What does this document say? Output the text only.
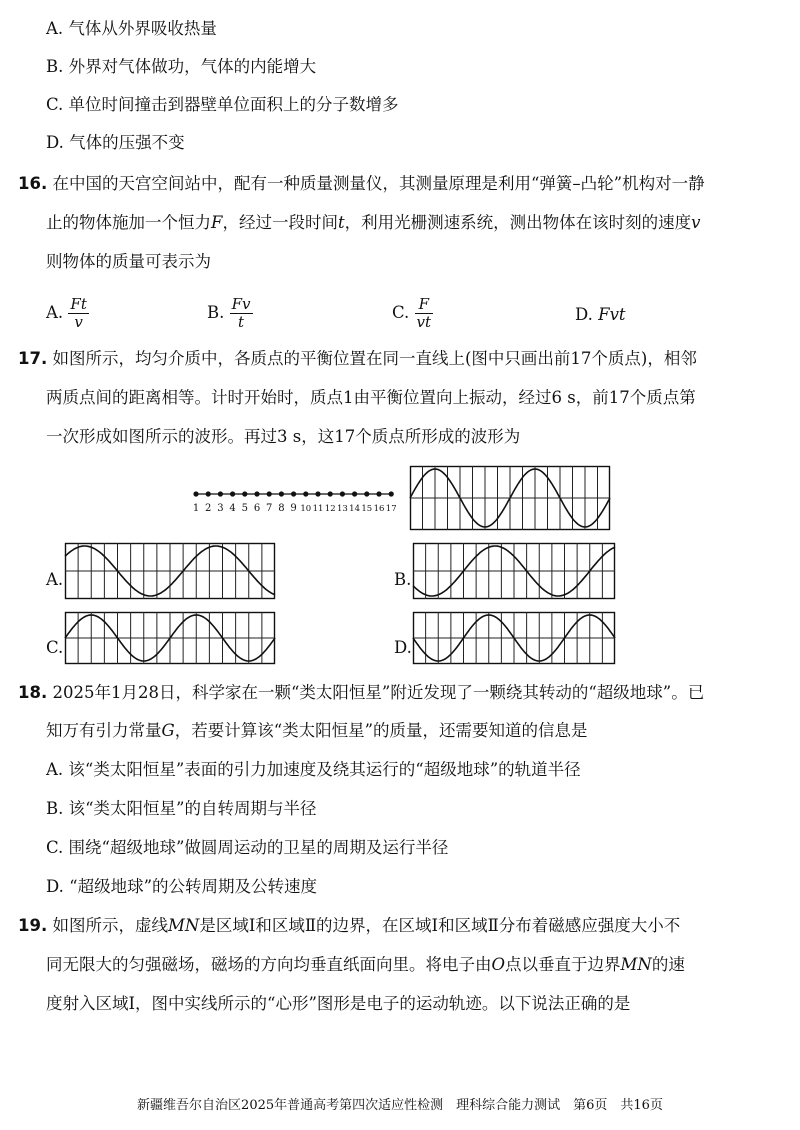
A. 气体从外界吸收热量
B. 外界对气体做功，气体的内能增大
C. 单位时间撞击到器壁单位面积上的分子数增多
D. 气体的压强不变
16. 在中国的天宫空间站中，配有一种质量测量仪，其测量原理是利用“弹簧–凸轮”机构对一静
止的物体施加一个恒力F，经过一段时间t，利用光栅测速系统，测出物体在该时刻的速度v
则物体的质量可表示为
A. $\frac{Ft}{v}$	B. $\frac{Fv}{t}$	C. $\frac{F}{vt}$	D. Fvt
17. 如图所示，均匀介质中，各质点的平衡位置在同一直线上(图中只画出前17个质点)，相邻
两质点间的距离相等。计时开始时，质点1由平衡位置向上振动，经过6 s，前17个质点第
一次形成如图所示的波形。再过3 s，这17个质点所形成的波形为
1 2 3 4 5 6 7 8 9 10 11 12 13 14 15 16 17
A.	B.
C.	D.
18. 2025年1月28日，科学家在一颗“类太阳恒星”附近发现了一颗绕其转动的“超级地球”。已
知万有引力常量G，若要计算该“类太阳恒星”的质量，还需要知道的信息是
A. 该“类太阳恒星”表面的引力加速度及绕其运行的“超级地球”的轨道半径
B. 该“类太阳恒星”的自转周期与半径
C. 围绕“超级地球”做圆周运动的卫星的周期及运行半径
D. “超级地球”的公转周期及公转速度
19. 如图所示，虚线MN是区域Ⅰ和区域Ⅱ的边界，在区域Ⅰ和区域Ⅱ分布着磁感应强度大小不
同无限大的匀强磁场，磁场的方向均垂直纸面向里。将电子由O点以垂直于边界MN的速
度射入区域Ⅰ，图中实线所示的“心形”图形是电子的运动轨迹。以下说法正确的是
新疆维吾尔自治区2025年普通高考第四次适应性检测　理科综合能力测试　第6页　共16页
